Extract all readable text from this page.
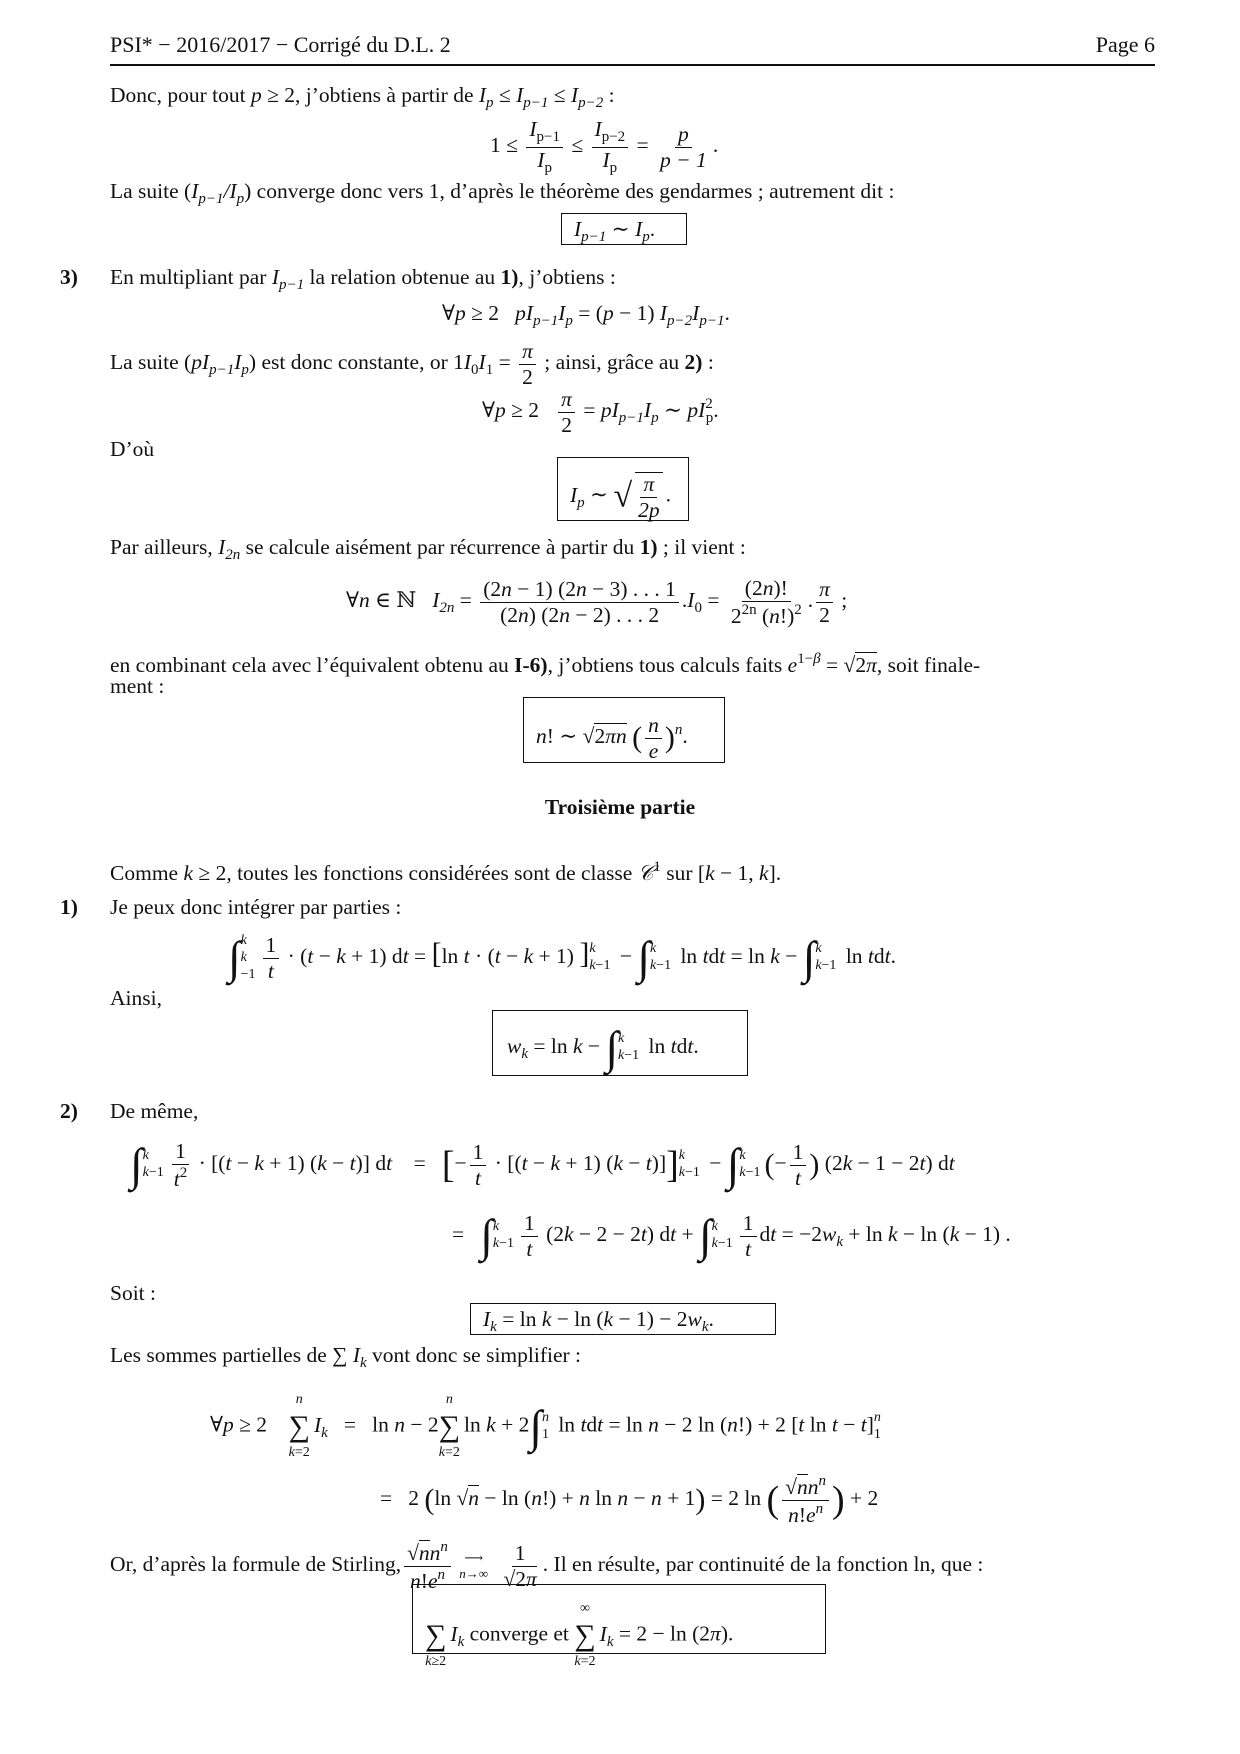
PSI* − 2016/2017 − Corrigé du D.L. 2	Page 6
Donc, pour tout p ≥ 2, j’obtiens à partir de $I_p \le I_{p-1} \le I_{p-2}$ :
$1 \le \frac{I_{p-1}}{I_p} \le \frac{I_{p-2}}{I_p} = \frac{p}{p - 1}$ .
La suite $(I_{p-1}/I_p)$ converge donc vers 1, d’après le théorème des gendarmes ; autrement dit :
$I_{p-1}$ ∼ $I_p$.
3) En multipliant par $I_{p-1}$ la relation obtenue au 1), j’obtiens :
∀p ≥ 2   $pI_{p-1}I_p = (p - 1)$ $I_{p-2}I_{p-1}$.
La suite $(pI_{p-1}I_p)$ est donc constante, or $1I_0I_1 = \frac{\pi}{2}$ ; ainsi, grâce au 2) :
∀p ≥ $2 \frac{\pi}{2} = pI_{p-1}I_p$ ∼ $pI^2_p$.
D’où
$I_p$ ∼ √ $\frac{\pi}{2p}$ .
Par ailleurs, $I_{2n}$ se calcule aisément par récurrence à partir du 1) ; il vient :
∀n ∈ ℕ   $I_{2n} = \frac{(2n - 1) (2n - 3) . . . 1}{(2n) (2n - 2) . . . 2} .I_0 = \frac{(2n)!}{2^{2n} (n!)^2}$ . $\frac{\pi}{2}$ ;
en combinant cela avec l’équivalent obtenu au I-6), j’obtiens tous calculs faits $e^{1-\beta} = √2\pi$, soit finale-
ment :
n! ∼ √2πn ( $\frac{n}{e} )^n$.
Troisième partie
Comme k ≥ 2, toutes les fonctions considérées sont de classe 𝒞$^1$ sur [k − 1, k].
1) Je peux donc intégrer par parties :
∫ k
k
$-1 \frac{1}{t} \cdot (t - k + 1)$ dt = [ln t · (t − k + 1) ] k
k−1 − ∫ k
k−1 ln tdt = ln k − ∫ k
k−1 ln tdt.
Ainsi,
$w_k = \ln k$ − ∫ k
k−1 ln tdt.
2) De même,
∫ k
$k-1 \frac{1}{t^2} \cdot [(t - k + 1) (k - t)]$ dt    =   [− $\frac{1}{t} \cdot [(t - k + 1) (k - t)]$] k
k−1 − ∫ k
k−1 (− $\frac{1}{t}$ ) (2k − 1 − 2t) dt
=   ∫ k
$k-1 \frac{1}{t} (2k - 2 - 2t)$ dt + ∫ k
$k-1 \frac{1}{t}$ dt = $-2w_k + \ln k - \ln (k - 1)$ .
Soit :
$I_k = \ln k - \ln (k - 1) - 2w_k$.
Les sommes partielles de ∑ $I_k$ vont donc se simplifier :
∀p ≥ 2
n
∑
k=2
$I_k = \ln n - 2$
n
∑
k=2
ln k + 2∫ n
1 ln tdt = ln n − 2 ln (n!) + 2 [t ln t − t] n
1
=   2 (ln √n − ln (n!) + n ln n − n + 1) = 2 ln ( $\frac{√nn^n}{n!e^n}$ ) + 2
Or, d’après la formule de Stirling, $\frac{√nn^n}{n!e^n}$
⟶
n→∞
$\frac{1}{√2\pi}$ . Il en résulte, par continuité de la fonction ln, que :

∑
k≥2
$I_k$ converge et
∞
∑
k=2
$I_k = 2 - \ln (2\pi)$.
